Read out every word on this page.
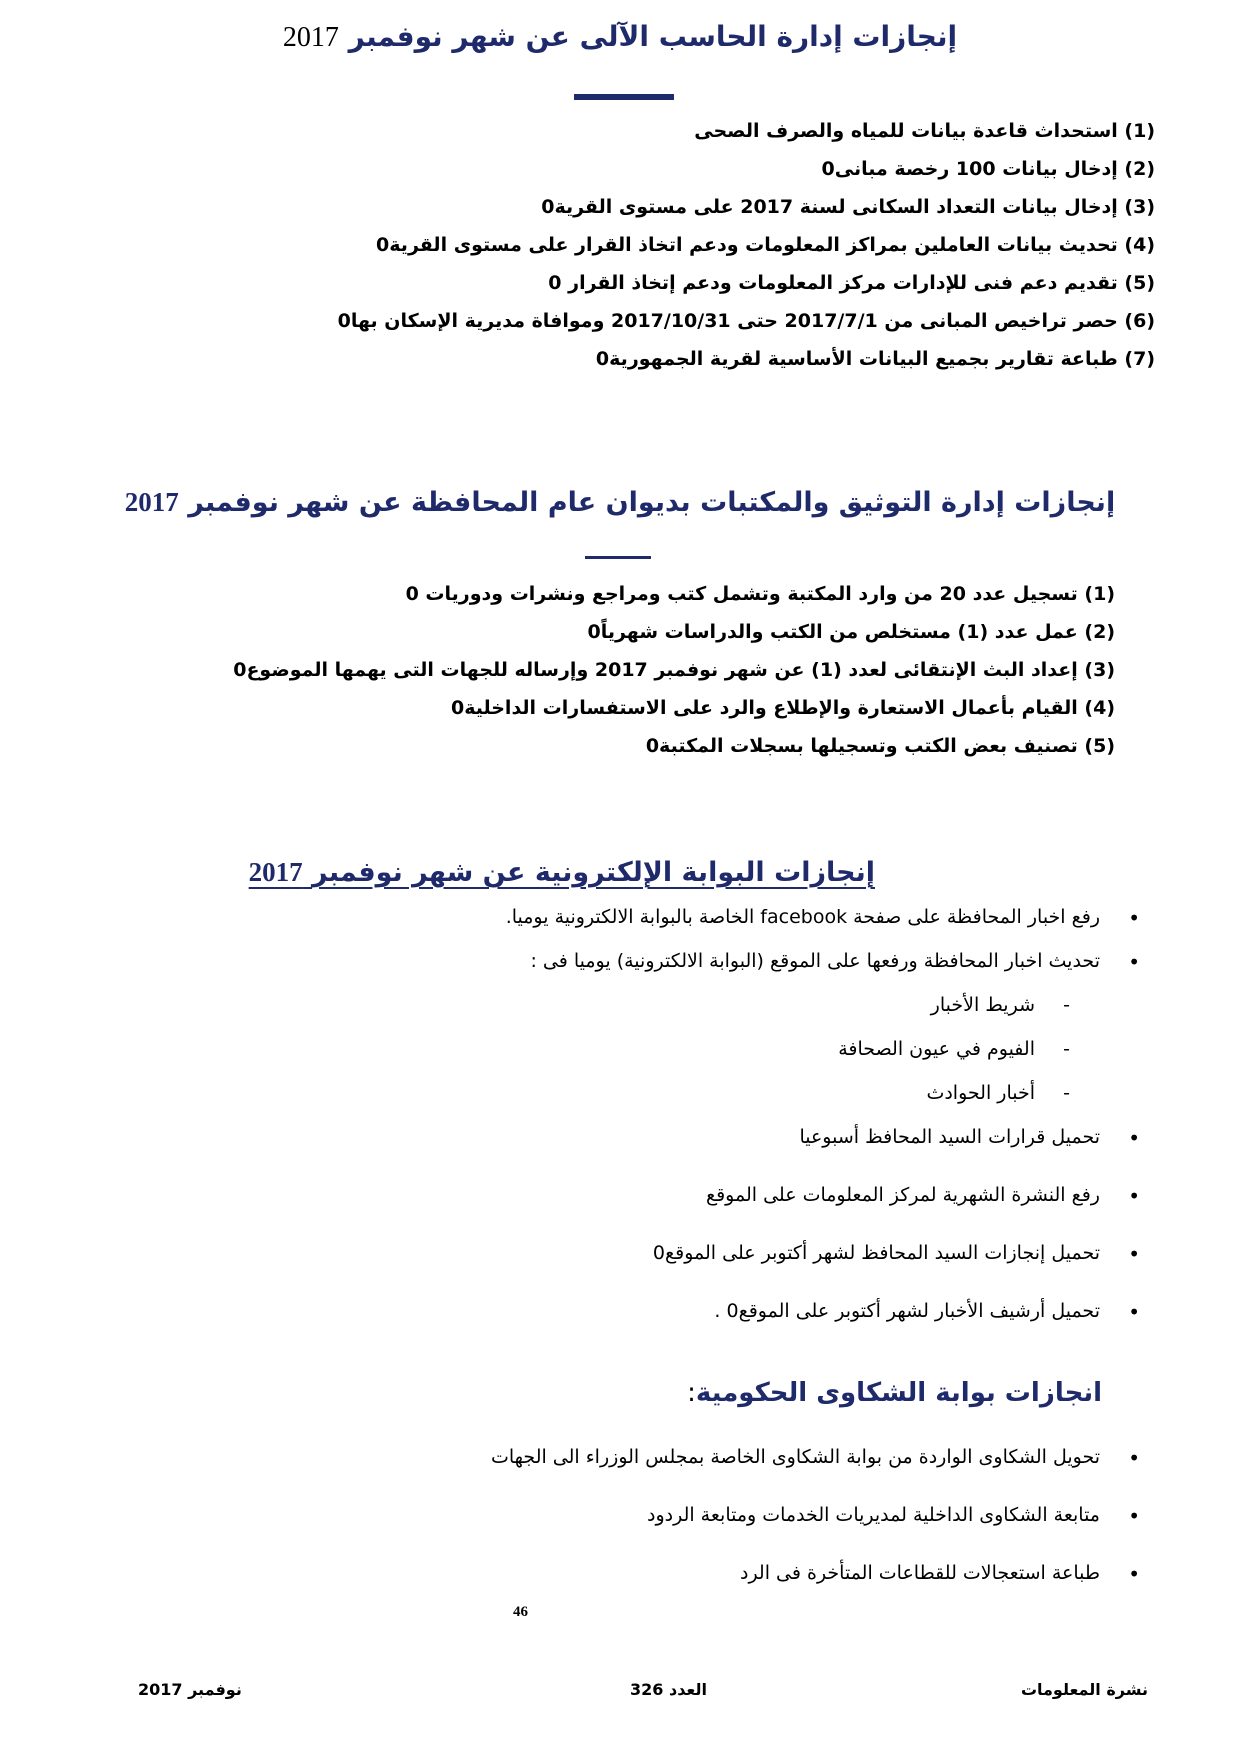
إنجازات إدارة الحاسب الآلى عن شهر نوفمبر 2017
(1) استحداث قاعدة بيانات للمياه والصرف الصحى
(2) إدخال بيانات 100 رخصة مبانى0
(3) إدخال بيانات التعداد السكانى لسنة 2017 على مستوى القرية0
(4) تحديث بيانات العاملين بمراكز المعلومات ودعم اتخاذ القرار على مستوى القرية0
(5) تقديم دعم فنى للإدارات مركز المعلومات ودعم إتخاذ القرار 0
(6) حصر تراخيص المبانى من 2017/7/1 حتى 2017/10/31 وموافاة مديرية الإسكان بها0
(7) طباعة تقارير بجميع البيانات الأساسية لقرية الجمهورية0
إنجازات إدارة التوثيق والمكتبات بديوان عام المحافظة عن شهر نوفمبر 2017
(1) تسجيل عدد 20 من وارد المكتبة وتشمل كتب ومراجع ونشرات ودوريات 0
(2) عمل عدد (1) مستخلص من الكتب والدراسات شهرياً0
(3) إعداد البث الإنتقائى لعدد (1) عن شهر نوفمبر 2017 وإرساله للجهات التى يهمها الموضوع0
(4) القيام بأعمال الاستعارة والإطلاع والرد على الاستفسارات الداخلية0
(5) تصنيف بعض الكتب وتسجيلها بسجلات المكتبة0
إنجازات البوابة الإلكترونية عن شهر نوفمبر 2017
• رفع اخبار المحافظة على صفحة facebook الخاصة بالبوابة الالكترونية يوميا.
• تحديث اخبار المحافظة ورفعها على الموقع (البوابة الالكترونية) يوميا فى :
- شريط الأخبار
- الفيوم في عيون الصحافة
- أخبار الحوادث
• تحميل قرارات السيد المحافظ أسبوعيا
• رفع النشرة الشهرية لمركز المعلومات على الموقع
• تحميل إنجازات السيد المحافظ لشهر أكتوبر على الموقع0
• تحميل أرشيف الأخبار لشهر أكتوبر على الموقع0 .
انجازات بوابة الشكاوى الحكومية:
• تحويل الشكاوى الواردة من بوابة الشكاوى الخاصة بمجلس الوزراء الى الجهات
• متابعة الشكاوى الداخلية لمديريات الخدمات ومتابعة الردود
• طباعة استعجالات للقطاعات المتأخرة فى الرد
46
نوفمبر 2017	العدد 326	نشرة المعلومات
